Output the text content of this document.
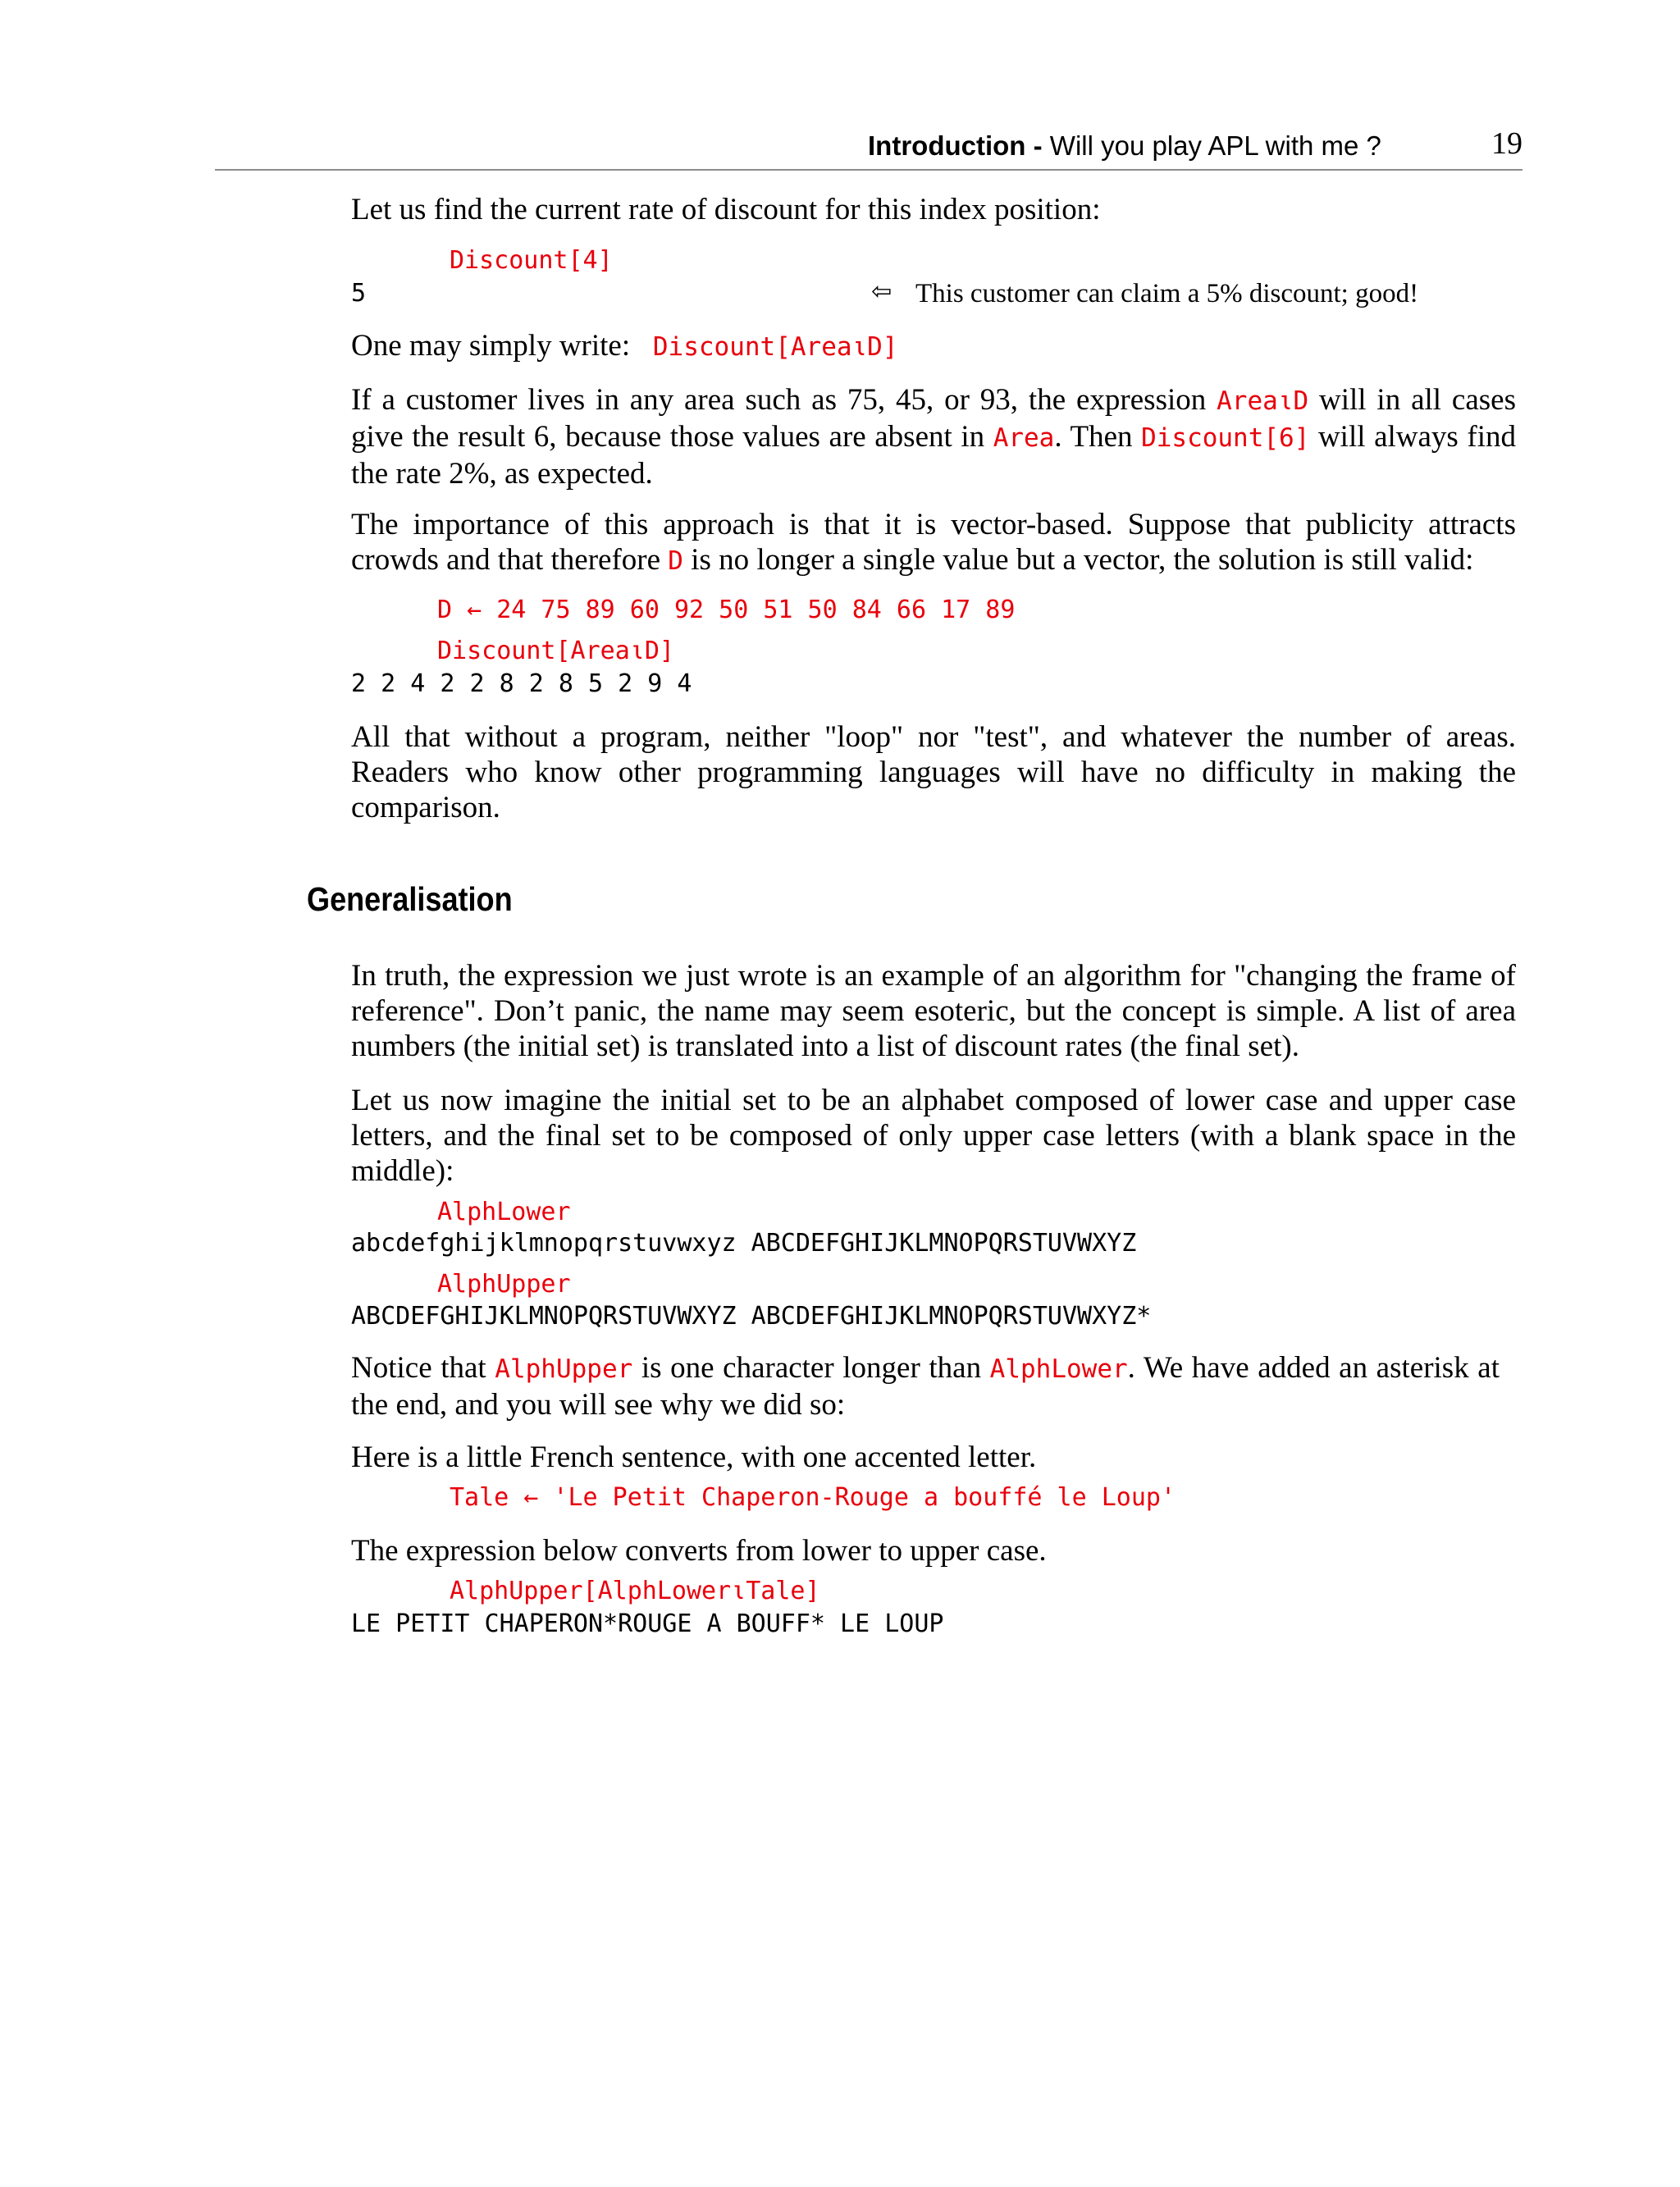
Introduction - Will you play APL with me ?	19

Let us find the current rate of discount for this index position:

Discount[4]
5	⇦ This customer can claim a 5% discount; good!

One may simply write: Discount[AreaιD]

If a customer lives in any area such as 75, 45, or 93, the expression AreaιD will in all cases give the result 6, because those values are absent in Area. Then Discount[6] will always find the rate 2%, as expected.

The importance of this approach is that it is vector-based. Suppose that publicity attracts crowds and that therefore D is no longer a single value but a vector, the solution is still valid:

D ← 24 75 89 60 92 50 51 50 84 66 17 89
Discount[AreaιD]
2 2 4 2 2 8 2 8 5 2 9 4

All that without a program, neither "loop" nor "test", and whatever the number of areas. Readers who know other programming languages will have no difficulty in making the comparison.

Generalisation

In truth, the expression we just wrote is an example of an algorithm for "changing the frame of reference". Don’t panic, the name may seem esoteric, but the concept is simple. A list of area numbers (the initial set) is translated into a list of discount rates (the final set).

Let us now imagine the initial set to be an alphabet composed of lower case and upper case letters, and the final set to be composed of only upper case letters (with a blank space in the middle):

AlphLower
abcdefghijklmnopqrstuvwxyz ABCDEFGHIJKLMNOPQRSTUVWXYZ
AlphUpper
ABCDEFGHIJKLMNOPQRSTUVWXYZ ABCDEFGHIJKLMNOPQRSTUVWXYZ*

Notice that AlphUpper is one character longer than AlphLower. We have added an asterisk at the end, and you will see why we did so:

Here is a little French sentence, with one accented letter.

Tale ← 'Le Petit Chaperon-Rouge a bouffé le Loup'

The expression below converts from lower to upper case.

AlphUpper[AlphLowerιTale]
LE PETIT CHAPERON*ROUGE A BOUFF* LE LOUP
